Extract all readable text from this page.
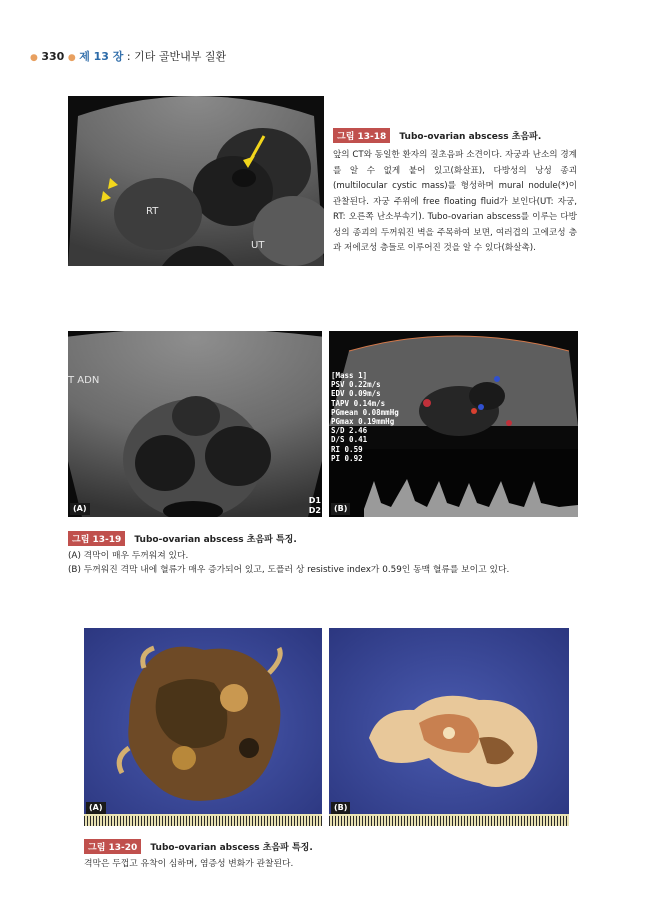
● 330 ● 제 13 장 : 기타 골반내부 질환
RT
UT
그림 13-18 Tubo-ovarian abscess 초음파.
앞의 CT와 동일한 환자의 질초음파 소견이다. 자궁과 난소의 경계를 알 수 없게 붙어 있고(화살표), 다방성의 낭성 종괴(multilocular cystic mass)를 형성하며 mural nodule(*)이 관찰된다. 자궁 주위에 free floating fluid가 보인다(UT: 자궁, RT: 오른쪽 난소부속기). Tubo-ovarian abscess를 이루는 다방성의 종괴의 두꺼워진 벽을 주목하여 보면, 여러겹의 고에코성 층과 저에코성 층들로 이루어진 것을 알 수 있다(화살촉).
T ADN
D1
D2
(A)
[Mass 1]
PSV 0.22m/s
EDV 0.09m/s
TAPV 0.14m/s
PGmean 0.08mmHg
PGmax 0.19mmHg
S/D 2.46
D/S 0.41
RI 0.59
PI 0.92
(B)
그림 13-19 Tubo-ovarian abscess 초음파 특징.
(A) 격막이 매우 두꺼워져 있다.
(B) 두꺼워진 격막 내에 혈류가 매우 증가되어 있고, 도플러 상 resistive index가 0.59인 동맥 혈류를 보이고 있다.
(A)	(B)
그림 13-20 Tubo-ovarian abscess 초음파 특징.
격막은 두껍고 유착이 심하며, 염증성 변화가 관찰된다.
